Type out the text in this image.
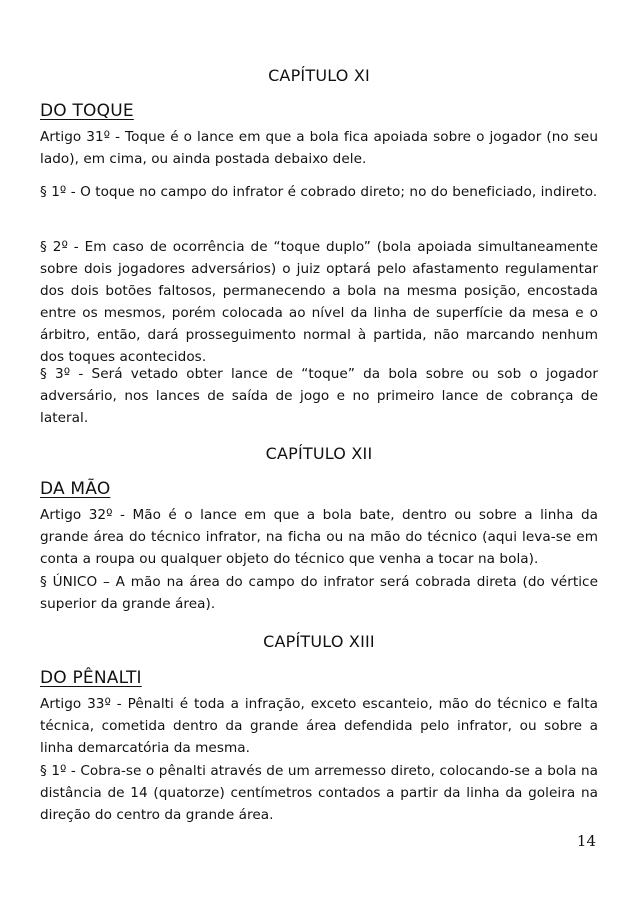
CAPÍTULO XI
DO TOQUE

Artigo 31º - Toque é o lance em que a bola fica apoiada sobre o jogador (no seu lado), em cima, ou ainda postada debaixo dele.

§ 1º - O toque no campo do infrator é cobrado direto; no do beneficiado, indireto.

§ 2º - Em caso de ocorrência de “toque duplo” (bola apoiada simultaneamente sobre dois jogadores adversários) o juiz optará pelo afastamento regulamentar dos dois botões faltosos, permanecendo a bola na mesma posição, encostada entre os mesmos, porém colocada ao nível da linha de superfície da mesa e o árbitro, então, dará prosseguimento normal à partida, não marcando nenhum dos toques acontecidos.

§ 3º - Será vetado obter lance de “toque” da bola sobre ou sob o jogador adversário, nos lances de saída de jogo e no primeiro lance de cobrança de lateral.

CAPÍTULO XII
DA MÃO

Artigo 32º - Mão é o lance em que a bola bate, dentro ou sobre a linha da grande área do técnico infrator, na ficha ou na mão do técnico (aqui leva-se em conta a roupa ou qualquer objeto do técnico que venha a tocar na bola).

§ ÚNICO – A mão na área do campo do infrator será cobrada direta (do vértice superior da grande área).

CAPÍTULO XIII
DO PÊNALTI

Artigo 33º - Pênalti é toda a infração, exceto escanteio, mão do técnico e falta técnica, cometida dentro da grande área defendida pelo infrator, ou sobre a linha demarcatória da mesma.

§ 1º - Cobra-se o pênalti através de um arremesso direto, colocando-se a bola na distância de 14 (quatorze) centímetros contados a partir da linha da goleira na direção do centro da grande área.

14
